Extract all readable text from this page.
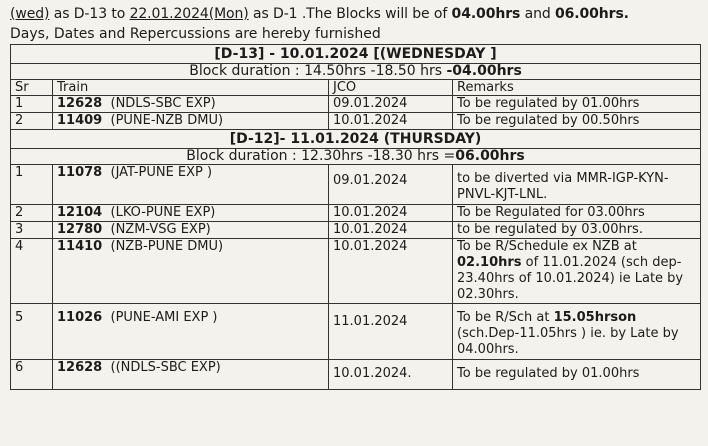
(wed) as D-13 to 22.01.2024(Mon) as D-1 .The Blocks will be of 04.00hrs and 06.00hrs.
Days, Dates and Repercussions are hereby furnished
[D-13] - 10.01.2024 [(WEDNESDAY ]			
Block duration : 14.50hrs -18.50 hrs -04.00hrs			
Sr	Train	JCO	Remarks
1	12628 (NDLS-SBC EXP)	09.01.2024	To be regulated by 01.00hrs
2	11409 (PUNE-NZB DMU)	10.01.2024	To be regulated by 00.50hrs
[D-12]- 11.01.2024 (THURSDAY)			
Block duration : 12.30hrs -18.30 hrs =06.00hrs			
1	11078 (JAT-PUNE EXP )	09.01.2024	to be diverted via MMR-IGP-KYN-PNVL-KJT-LNL.
2	12104 (LKO-PUNE EXP)	10.01.2024	To be Regulated for 03.00hrs
3	12780 (NZM-VSG EXP)	10.01.2024	to be regulated by 03.00hrs.
4	11410 (NZB-PUNE DMU)	10.01.2024	To be R/Schedule ex NZB at 02.10hrs of 11.01.2024 (sch dep-23.40hrs of 10.01.2024) ie Late by 02.30hrs.
5	11026 (PUNE-AMI EXP )	11.01.2024	To be R/Sch at 15.05hrson (sch.Dep-11.05hrs ) ie. by Late by 04.00hrs.
6	12628 ((NDLS-SBC EXP)	10.01.2024.	To be regulated by 01.00hrs
